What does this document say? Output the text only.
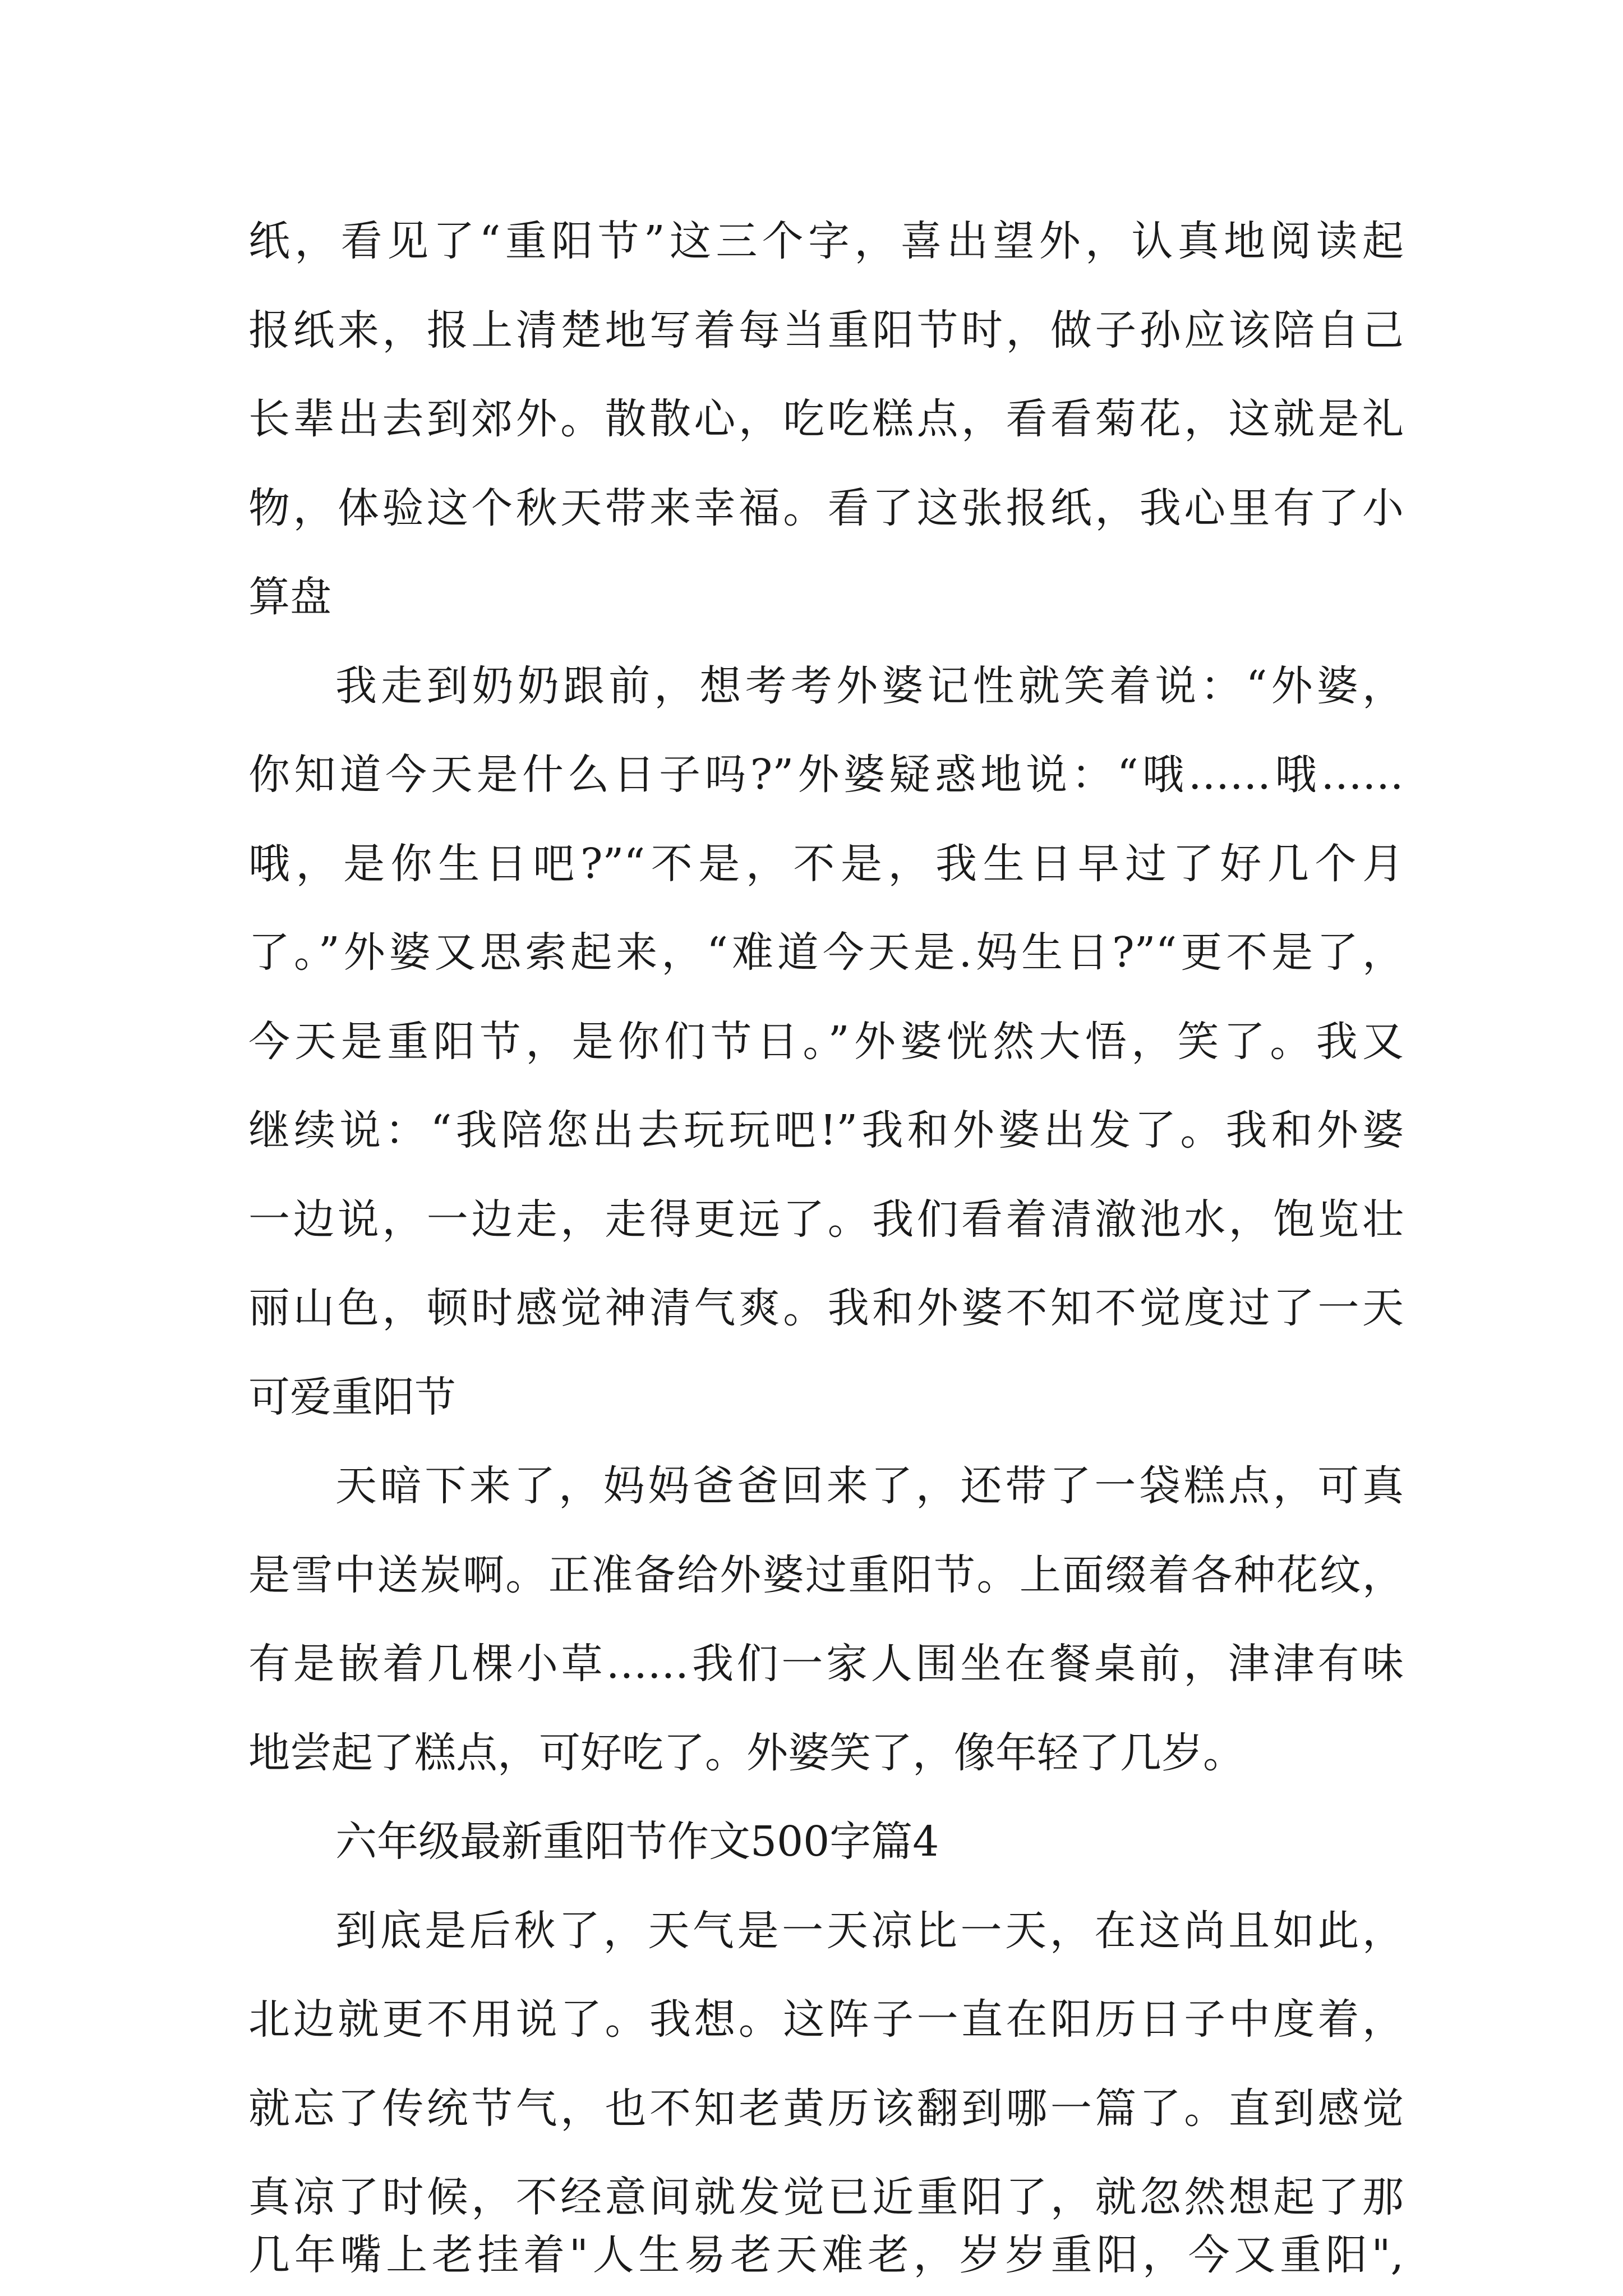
纸，看见了“重阳节”这三个字，喜出望外，认真地阅读起
报纸来，报上清楚地写着每当重阳节时，做子孙应该陪自己
长辈出去到郊外。散散心，吃吃糕点，看看菊花，这就是礼
物，体验这个秋天带来幸福。看了这张报纸，我心里有了小
算盘
我走到奶奶跟前，想考考外婆记性就笑着说：“外婆，
你知道今天是什么日子吗?”外婆疑惑地说：“哦……哦……
哦，是你生日吧?”“不是，不是，我生日早过了好几个月
了。”外婆又思索起来，“难道今天是.妈生日?”“更不是了，
今天是重阳节，是你们节日。”外婆恍然大悟，笑了。我又
继续说：“我陪您出去玩玩吧!”我和外婆出发了。我和外婆
一边说，一边走，走得更远了。我们看着清澈池水，饱览壮
丽山色，顿时感觉神清气爽。我和外婆不知不觉度过了一天
可爱重阳节
天暗下来了，妈妈爸爸回来了，还带了一袋糕点，可真
是雪中送炭啊。正准备给外婆过重阳节。上面缀着各种花纹，
有是嵌着几棵小草……我们一家人围坐在餐桌前，津津有味
地尝起了糕点，可好吃了。外婆笑了，像年轻了几岁。
六年级最新重阳节作文500字篇4
到底是后秋了，天气是一天凉比一天，在这尚且如此，
北边就更不用说了。我想。这阵子一直在阳历日子中度着，
就忘了传统节气，也不知老黄历该翻到哪一篇了。直到感觉
真凉了时候，不经意间就发觉已近重阳了，就忽然想起了那
几年嘴上老挂着"人生易老天难老，岁岁重阳，今又重阳",
